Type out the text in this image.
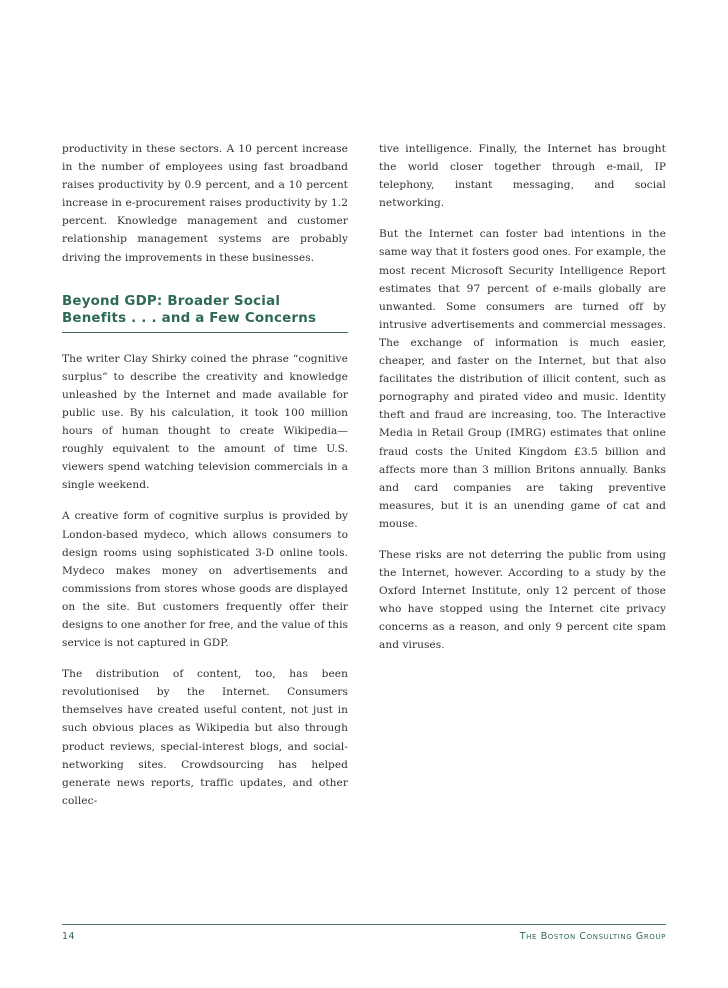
productivity in these sectors. A 10 percent increase in the number of employees using fast broadband raises productivity by 0.9 percent, and a 10 percent increase in e-procurement raises productivity by 1.2 percent. Knowledge management and customer relationship management systems are probably driving the improvements in these businesses.

Beyond GDP: Broader Social Benefits . . . and a Few Concerns

The writer Clay Shirky coined the phrase “cognitive surplus” to describe the creativity and knowledge unleashed by the Internet and made available for public use. By his calculation, it took 100 million hours of human thought to create Wikipedia—roughly equivalent to the amount of time U.S. viewers spend watching television commercials in a single weekend.

A creative form of cognitive surplus is provided by London-based mydeco, which allows consumers to design rooms using sophisticated 3-D online tools. Mydeco makes money on advertisements and commissions from stores whose goods are displayed on the site. But customers frequently offer their designs to one another for free, and the value of this service is not captured in GDP.

The distribution of content, too, has been revolutionised by the Internet. Consumers themselves have created useful content, not just in such obvious places as Wikipedia but also through product reviews, special-interest blogs, and social-networking sites. Crowdsourcing has helped generate news reports, traffic updates, and other collec-

tive intelligence. Finally, the Internet has brought the world closer together through e-mail, IP telephony, instant messaging, and social networking.

But the Internet can foster bad intentions in the same way that it fosters good ones. For example, the most recent Microsoft Security Intelligence Report estimates that 97 percent of e-mails globally are unwanted. Some consumers are turned off by intrusive advertisements and commercial messages. The exchange of information is much easier, cheaper, and faster on the Internet, but that also facilitates the distribution of illicit content, such as pornography and pirated video and music. Identity theft and fraud are increasing, too. The Interactive Media in Retail Group (IMRG) estimates that online fraud costs the United Kingdom £3.5 billion and affects more than 3 million Britons annually. Banks and card companies are taking preventive measures, but it is an unending game of cat and mouse.

These risks are not deterring the public from using the Internet, however. According to a study by the Oxford Internet Institute, only 12 percent of those who have stopped using the Internet cite privacy concerns as a reason, and only 9 percent cite spam and viruses.

14	The Boston Consulting Group
